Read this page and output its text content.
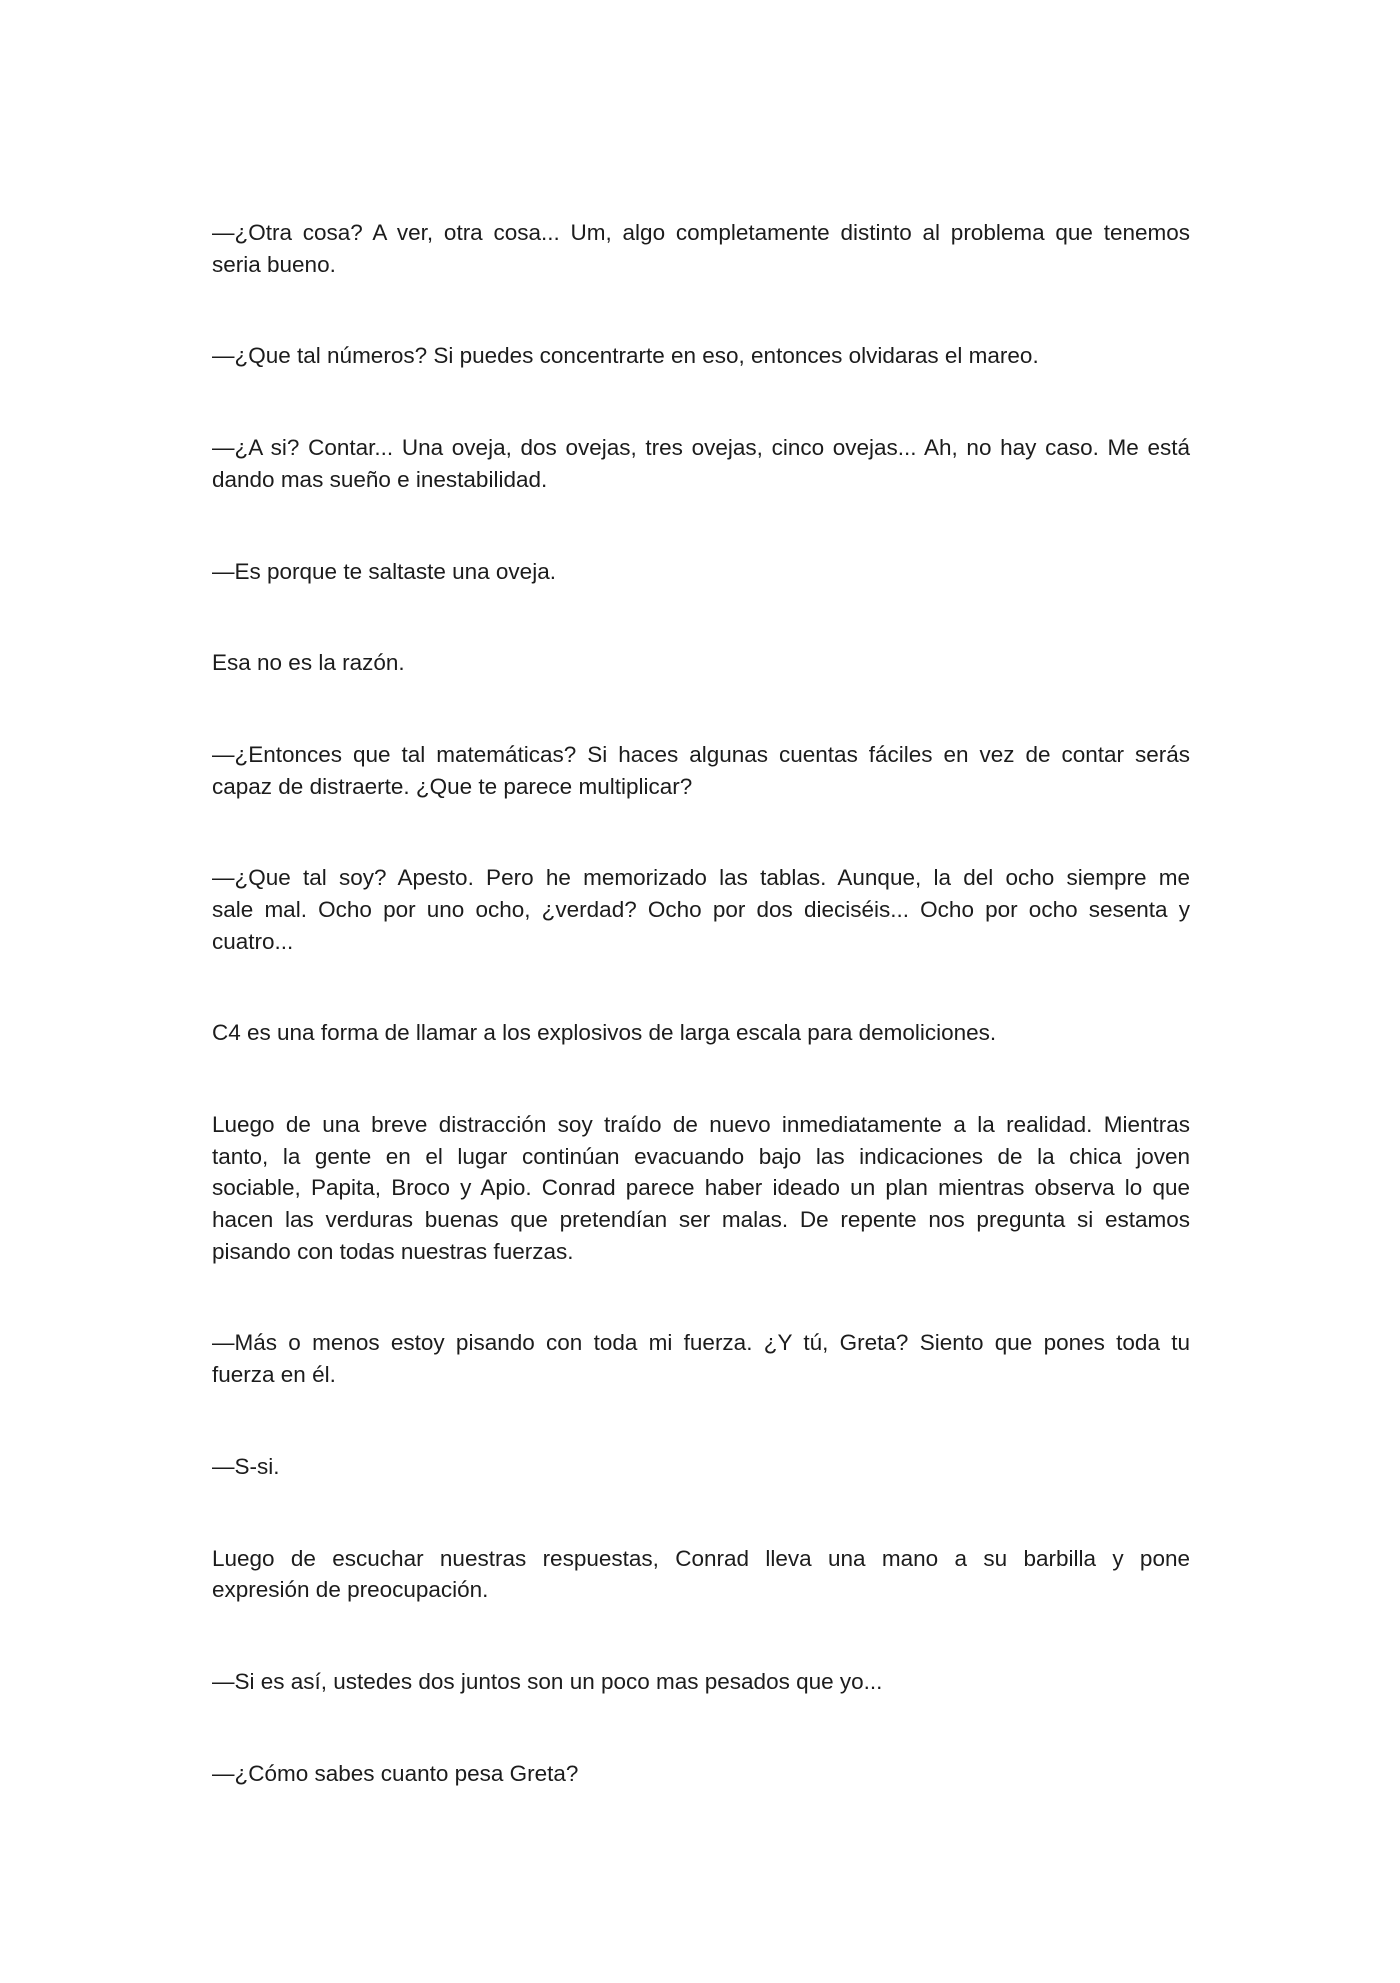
—¿Otra cosa? A ver, otra cosa... Um, algo completamente distinto al problema que tenemos
seria bueno.
—¿Que tal números? Si puedes concentrarte en eso, entonces olvidaras el mareo.
—¿A si? Contar... Una oveja, dos ovejas, tres ovejas, cinco ovejas... Ah, no hay caso. Me está
dando mas sueño e inestabilidad.
—Es porque te saltaste una oveja.
Esa no es la razón.
—¿Entonces que tal matemáticas? Si haces algunas cuentas fáciles en vez de contar serás
capaz de distraerte. ¿Que te parece multiplicar?
—¿Que tal soy? Apesto. Pero he memorizado las tablas. Aunque, la del ocho siempre me
sale mal. Ocho por uno ocho, ¿verdad? Ocho por dos dieciséis... Ocho por ocho sesenta y
cuatro...
C4 es una forma de llamar a los explosivos de larga escala para demoliciones.
Luego de una breve distracción soy traído de nuevo inmediatamente a la realidad. Mientras
tanto, la gente en el lugar continúan evacuando bajo las indicaciones de la chica joven
sociable, Papita, Broco y Apio. Conrad parece haber ideado un plan mientras observa lo que
hacen las verduras buenas que pretendían ser malas. De repente nos pregunta si estamos
pisando con todas nuestras fuerzas.
—Más o menos estoy pisando con toda mi fuerza. ¿Y tú, Greta? Siento que pones toda tu
fuerza en él.
—S-si.
Luego de escuchar nuestras respuestas, Conrad lleva una mano a su barbilla y pone
expresión de preocupación.
—Si es así, ustedes dos juntos son un poco mas pesados que yo...
—¿Cómo sabes cuanto pesa Greta?
